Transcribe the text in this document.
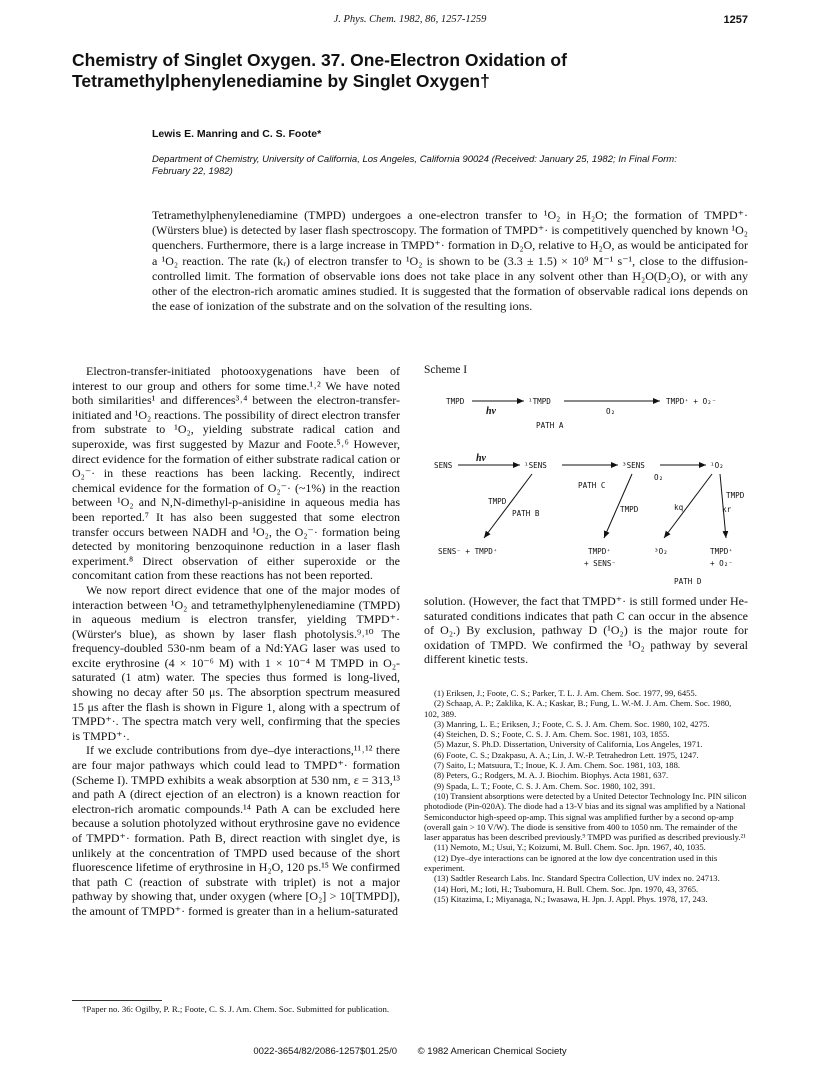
J. Phys. Chem. 1982, 86, 1257-1259	1257
Chemistry of Singlet Oxygen. 37. One-Electron Oxidation of Tetramethylphenylenediamine by Singlet Oxygen†
Lewis E. Manring and C. S. Foote*
Department of Chemistry, University of California, Los Angeles, California 90024 (Received: January 25, 1982; In Final Form: February 22, 1982)

Tetramethylphenylenediamine (TMPD) undergoes a one-electron transfer to ¹O₂ in H₂O; the formation of TMPD⁺· (Würsters blue) is detected by laser flash spectroscopy. The formation of TMPD⁺· is competitively quenched by known ¹O₂ quenchers. Furthermore, there is a large increase in TMPD⁺· formation in D₂O, relative to H₂O, as would be anticipated for a ¹O₂ reaction. The rate (kᵣ) of electron transfer to ¹O₂ is shown to be (3.3 ± 1.5) × 10⁹ M⁻¹ s⁻¹, close to the diffusion-controlled limit. The formation of observable ions does not take place in any solvent other than H₂O(D₂O), or with any other of the electron-rich aromatic amines studied. It is suggested that the formation of observable radical ions depends on the ease of ionization of the substrate and on the solvation of the resulting ions.

Electron-transfer-initiated photooxygenations have been of interest to our group and others for some time.¹˒² We have noted both similarities¹ and differences³˒⁴ between the electron-transfer-initiated and ¹O₂ reactions. The possibility of direct electron transfer from substrate to ¹O₂, yielding substrate radical cation and superoxide, was first suggested by Mazur and Foote.⁵˒⁶ However, direct evidence for the formation of either substrate radical cation or O₂⁻· in these reactions has been lacking. Recently, indirect chemical evidence for the formation of O₂⁻· (~1%) in the reaction between ¹O₂ and N,N-dimethyl-p-anisidine in aqueous media has been reported.⁷ It has also been suggested that some electron transfer occurs between NADH and ¹O₂, the O₂⁻· formation being detected by monitoring benzoquinone reduction in a laser flash experiment.⁸ Direct observation of either superoxide or the concomitant cation from these reactions has not been reported.

We now report direct evidence that one of the major modes of interaction between ¹O₂ and tetramethylphenylenediamine (TMPD) in aqueous medium is electron transfer, yielding TMPD⁺· (Würster's blue), as shown by laser flash photolysis.⁹˒¹⁰ The frequency-doubled 530-nm beam of a Nd:YAG laser was used to excite erythrosine (4 × 10⁻⁶ M) with 1 × 10⁻⁴ M TMPD in O₂-saturated (1 atm) water. The species thus formed is long-lived, showing no decay after 50 μs. The absorption spectrum measured 15 μs after the flash is shown in Figure 1, along with a spectrum of TMPD⁺·. The spectra match very well, confirming that the species is TMPD⁺·.

If we exclude contributions from dye–dye interactions,¹¹˒¹² there are four major pathways which could lead to TMPD⁺· formation (Scheme I). TMPD exhibits a weak absorption at 530 nm, ε = 313,¹³ and path A (direct ejection of an electron) is a known reaction for electron-rich aromatic compounds.¹⁴ Path A can be excluded here because a solution photolyzed without erythrosine gave no evidence of TMPD⁺· formation. Path B, direct reaction with singlet dye, is unlikely at the concentration of TMPD used because of the short fluorescence lifetime of erythrosine in H₂O, 120 ps.¹⁵ We confirmed that path C (reaction of substrate with triplet) is not a major pathway by showing that, under oxygen (where [O₂] > 10[TMPD]), the amount of TMPD⁺· formed is greater than in a helium-saturated

Scheme I
TMPD
hν
¹TMPD
O₂
TMPD⁺ + O₂⁻
PATH A
SENS
hν
¹SENS	³SENS
O₂
¹O₂
TMPD
PATH B
SENS⁻ + TMPD⁺
PATH C
TMPD
TMPD⁺
+ SENS⁻
kq
³O₂
TMPD
kr
TMPD⁺
+ O₂⁻
PATH D

solution. (However, the fact that TMPD⁺· is still formed under He-saturated conditions indicates that path C can occur in the absence of O₂.) By exclusion, pathway D (¹O₂) is the major route for oxidation of TMPD. We confirmed the ¹O₂ pathway by several different kinetic tests.

(1) Eriksen, J.; Foote, C. S.; Parker, T. L. J. Am. Chem. Soc. 1977, 99, 6455.
(2) Schaap, A. P.; Zaklika, K. A.; Kaskar, B.; Fung, L. W.-M. J. Am. Chem. Soc. 1980, 102, 389.
(3) Manring, L. E.; Eriksen, J.; Foote, C. S. J. Am. Chem. Soc. 1980, 102, 4275.
(4) Steichen, D. S.; Foote, C. S. J. Am. Chem. Soc. 1981, 103, 1855.
(5) Mazur, S. Ph.D. Dissertation, University of California, Los Angeles, 1971.
(6) Foote, C. S.; Dzakpasu, A. A.; Lin, J. W.-P. Tetrahedron Lett. 1975, 1247.
(7) Saito, I.; Matsuura, T.; Inoue, K. J. Am. Chem. Soc. 1981, 103, 188.
(8) Peters, G.; Rodgers, M. A. J. Biochim. Biophys. Acta 1981, 637.
(9) Spada, L. T.; Foote, C. S. J. Am. Chem. Soc. 1980, 102, 391.
(10) Transient absorptions were detected by a United Detector Technology Inc. PIN silicon photodiode (Pin-020A). The diode had a 13-V bias and its signal was amplified by a National Semiconductor high-speed op-amp. This signal was amplified further by a second op-amp (overall gain > 10 V/W). The diode is sensitive from 400 to 1050 nm. The remainder of the laser apparatus has been described previously.⁹ TMPD was purified as described previously.²¹
(11) Nemoto, M.; Usui, Y.; Koizumi, M. Bull. Chem. Soc. Jpn. 1967, 40, 1035.
(12) Dye–dye interactions can be ignored at the low dye concentration used in this experiment.
(13) Sadtler Research Labs. Inc. Standard Spectra Collection, UV index no. 24713.
(14) Hori, M.; Ioti, H.; Tsubomura, H. Bull. Chem. Soc. Jpn. 1970, 43, 3765.
(15) Kitazima, I.; Miyanaga, N.; Iwasawa, H. Jpn. J. Appl. Phys. 1978, 17, 243.
†Paper no. 36: Ogilby, P. R.; Foote, C. S. J. Am. Chem. Soc. Submitted for publication.
0022-3654/82/2086-1257$01.25/0 © 1982 American Chemical Society
